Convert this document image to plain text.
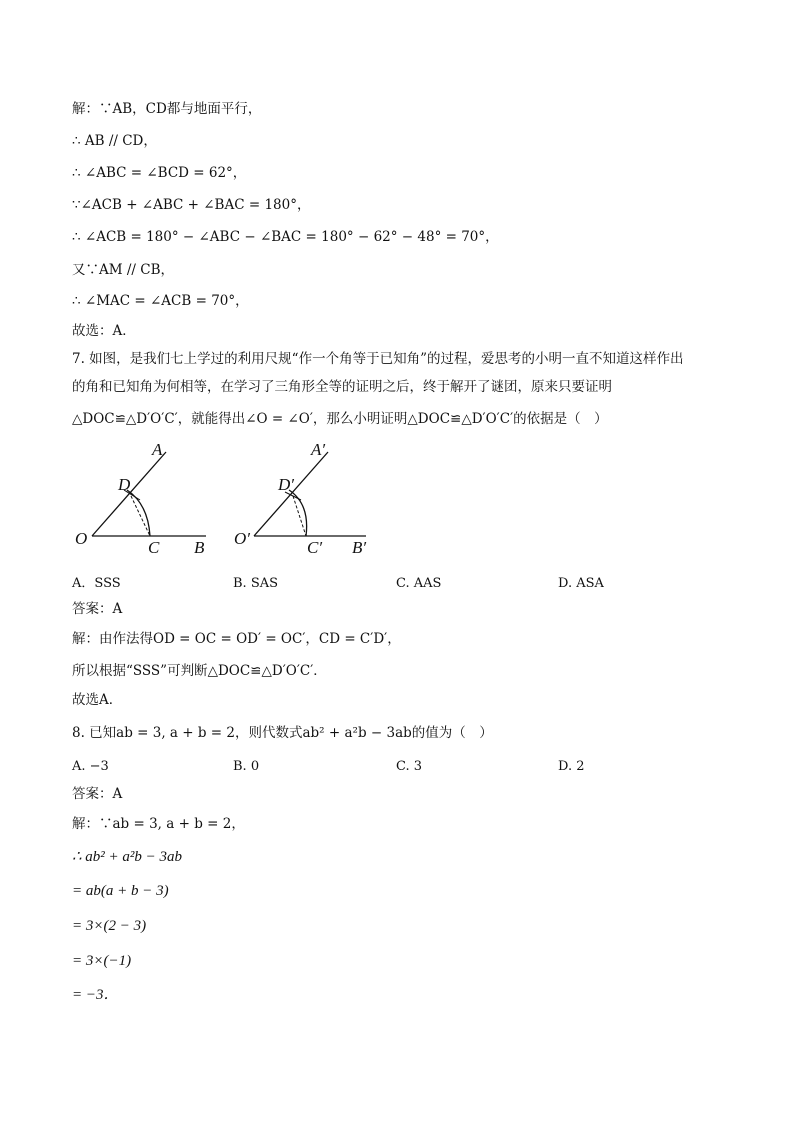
解：∵AB，CD都与地面平行，
∴ AB // CD，
∴ ∠ABC = ∠BCD = 62°，
∵∠ACB + ∠ABC + ∠BAC = 180°，
∴ ∠ACB = 180° − ∠ABC − ∠BAC = 180° − 62° − 48° = 70°，
又∵AM // CB，
∴ ∠MAC = ∠ACB = 70°，
故选：A．
7. 如图，是我们七上学过的利用尺规“作一个角等于已知角”的过程，爱思考的小明一直不知道这样作出
的角和已知角为何相等，在学习了三角形全等的证明之后，终于解开了谜团，原来只要证明
△DOC≌△D′O′C′，就能得出∠O = ∠O′，那么小明证明△DOC≌△D′O′C′的依据是（　）
O
A
D
C B O′
A′
D′
C′ B′
A．SSS	B. SAS	C. AAS	D. ASA
答案：A
解：由作法得OD = OC = OD′ = OC′，CD = C′D′，
所以根据“SSS”可判断△DOC≌△D′O′C′．
故选A．
8. 已知ab = 3, a + b = 2，则代数式ab² + a²b − 3ab的值为（　）
A. −3	B. 0	C. 3	D. 2
答案：A
解：∵ab = 3, a + b = 2，
∴ ab² + a²b − 3ab
= ab(a + b − 3)
= 3×(2 − 3)
= 3×(−1)
= −3．
